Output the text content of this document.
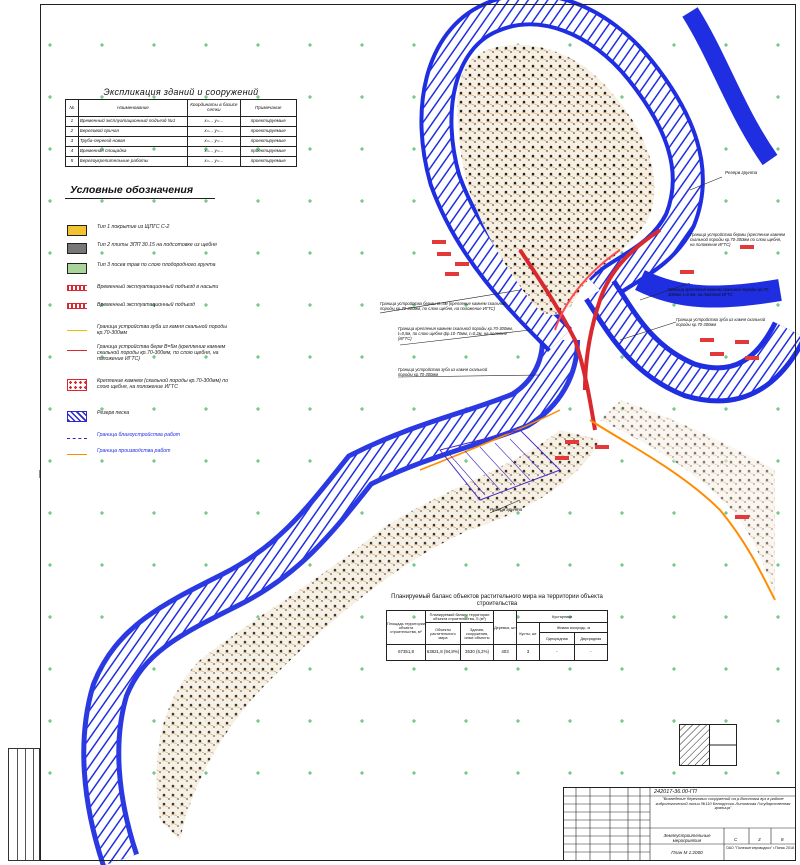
Экспликация зданий и сооружений
№	Наименование	Координаты в базисе сетки	Примечание
1	Временный эксплуатационный подъезд №1	x=... y=...	проектируемые
2	Береговой причал	x=... y=...	проектируемые
3	Труба-переезд новая	x=... y=...	проектируемые
4	Временная площадка	x=... y=...	проектируемые
5	Берегоукрепительные работы	x=... y=...	проектируемые
Условные обозначения
Тип 1 покрытие из ЩПГС С-2
Тип 2 плиты ЗПП 30.15 на подсотовке из щебня
Тип 3 посев трав по слою плодородного грунта
Временный эксплуатационный подъезд в насыпи
Временный эксплуатационный подъезд
Граница устройства зуба из камня скальной породы кр.70-300мм
Граница устройства берм В=5м (крепление камнем скальной породы кр.70-300мм, по слою щебня, на положение ИГТС)
Крепление камнем (скальной породы кр.70-300мм) по слою щебня, на положение ИГТС
Резерв песка
Граница благоустройства работ
Граница производства работ
Граница устройства бермы В=5м (крепление камнем скальной породы кр.70-300мм, по слою щебня, на положение ИГТС)
Граница крепления камнем скальной породы кр.70-300мм, t=0,5м, по слою щебня фр.10-70мм, t=0,2м, на полотне (ИГТС)
Граница устройства зуба из камня скальной породы кр.70-300мм
Граница устройства бермы (крепление камнем скальной породы кр.70-300мм по слою щебня, на положение ИГТС)
Граница крепления камнем скальной породы кр.70-300мм, t=0,5м, на полотне ИГТС
Граница устройства зуба из камня скальной породы кр.70-300мм
Резерв грунта
Резерв грунта
Планируемый баланс объектов растительного мира на территории объекта строительства
Площадь территории объекта строительства, м²	Планируемый баланс территории объекта строительства, S (м²)		Деревья, шт	Кустарники		
	Объекты растительного мира	Здания, сооружения, иные объекты		Кусты, шт	Живая изгородь, м	
					Однорядная	Двухрядная
67351,8	63821,8 (94,8%)	3530 (5,2%)	403	3	-	-
242017-36.00-ГП
"Возведение береговых сооружений на р.Вотловка вуз в районе гидрологической линии №110 Белорусско-Литовская Государственная граница"
Землеустроительные мероприятия	С	3	8
План М 1:2000
ОАО "Полесьегипроводхоз" г.Пинск 2018
